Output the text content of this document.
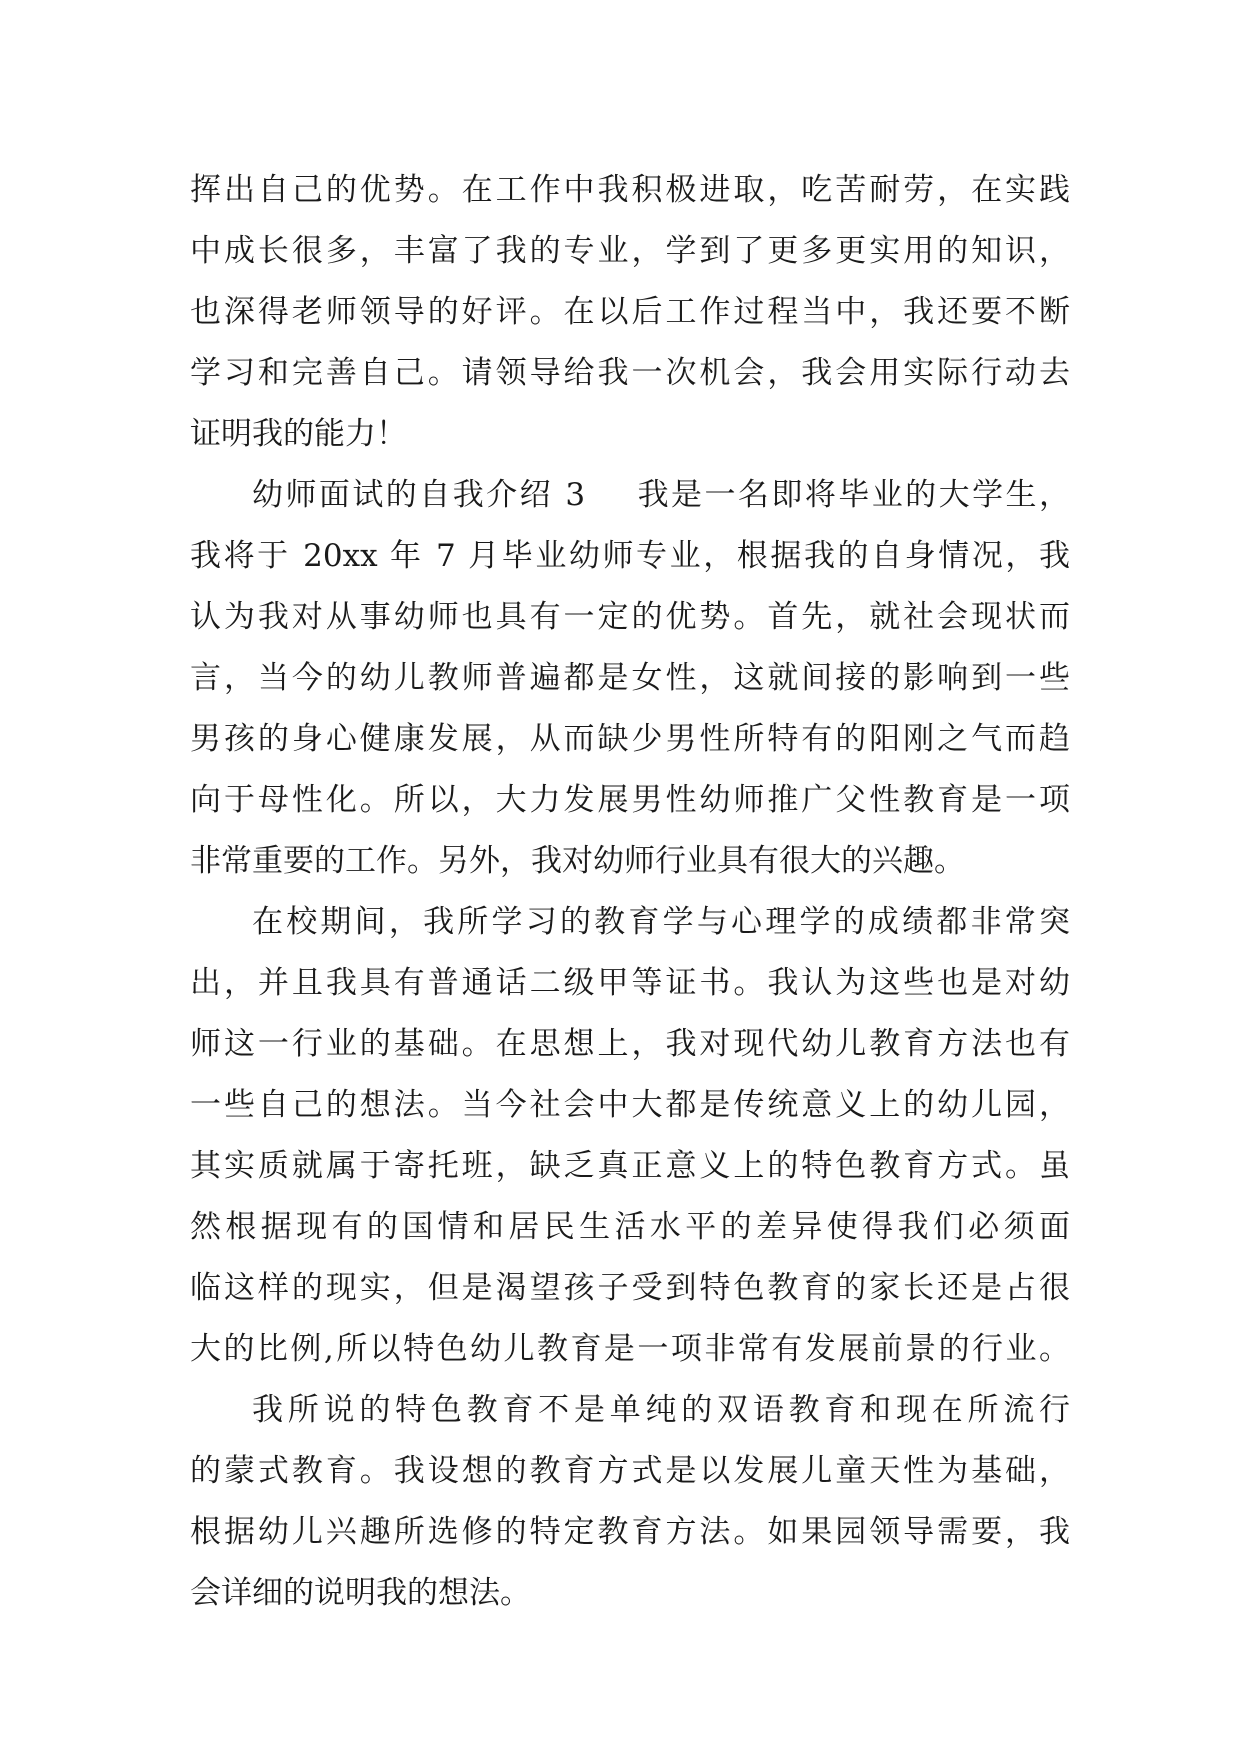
挥出自己的优势。在工作中我积极进取，吃苦耐劳，在实践
中成长很多，丰富了我的专业，学到了更多更实用的知识，
也深得老师领导的好评。在以后工作过程当中，我还要不断
学习和完善自己。请领导给我一次机会，我会用实际行动去
证明我的能力！
幼师面试的自我介绍 3 我是一名即将毕业的大学生，
我将于 20xx 年 7 月毕业幼师专业，根据我的自身情况，我
认为我对从事幼师也具有一定的优势。首先，就社会现状而
言，当今的幼儿教师普遍都是女性，这就间接的影响到一些
男孩的身心健康发展，从而缺少男性所特有的阳刚之气而趋
向于母性化。所以，大力发展男性幼师推广父性教育是一项
非常重要的工作。另外，我对幼师行业具有很大的兴趣。
在校期间，我所学习的教育学与心理学的成绩都非常突
出，并且我具有普通话二级甲等证书。我认为这些也是对幼
师这一行业的基础。在思想上，我对现代幼儿教育方法也有
一些自己的想法。当今社会中大都是传统意义上的幼儿园，
其实质就属于寄托班，缺乏真正意义上的特色教育方式。虽
然根据现有的国情和居民生活水平的差异使得我们必须面
临这样的现实，但是渴望孩子受到特色教育的家长还是占很
大的比例,所以特色幼儿教育是一项非常有发展前景的行业。
我所说的特色教育不是单纯的双语教育和现在所流行
的蒙式教育。我设想的教育方式是以发展儿童天性为基础，
根据幼儿兴趣所选修的特定教育方法。如果园领导需要，我
会详细的说明我的想法。
